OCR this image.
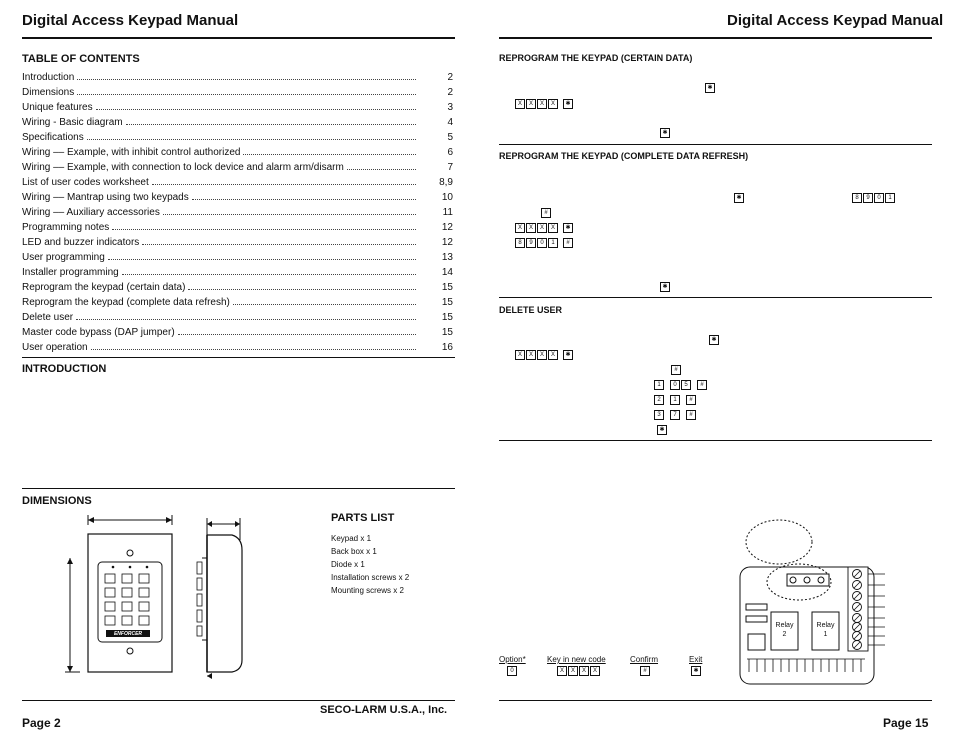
Digital Access Keypad Manual
TABLE OF CONTENTS
Introduction	2
Dimensions	2
Unique features	3
Wiring - Basic diagram	4
Specifications	5
Wiring –– Example, with inhibit control authorized	6
Wiring –– Example, with connection to lock device and alarm arm/disarm	7
List of user codes worksheet	8,9
Wiring –– Mantrap using two keypads	10
Wiring –– Auxiliary accessories	11
Programming notes	12
LED and buzzer indicators	12
User programming	13
Installer programming	14
Reprogram the keypad (certain data)	15
Reprogram the keypad (complete data refresh)	15
Delete user	15
Master code bypass (DAP jumper)	15
User operation	16
INTRODUCTION
DIMENSIONS
ENFORCER
PARTS LIST
Keypad x 1
Back box x 1
Diode x 1
Installation screws x 2
Mounting screws x 2
SECO-LARM U.S.A., Inc.
Page 2
Digital Access Keypad Manual
REPROGRAM THE KEYPAD (CERTAIN DATA)
✱
X	X	X	X	✱
✱
REPROGRAM THE KEYPAD (COMPLETE DATA REFRESH)
✱	8	9	0	1
#
X	X	X	X	✱
8	9	0	1	#
✱
DELETE USER
✱
X	X	X	X	✱
#
1	0	5	#
2	1	#
3	7	#
✱
Option*
0
Key in new code
X	X	X	X
Confirm
#
Exit
✱
Relay
2
Relay
1
Page 15
